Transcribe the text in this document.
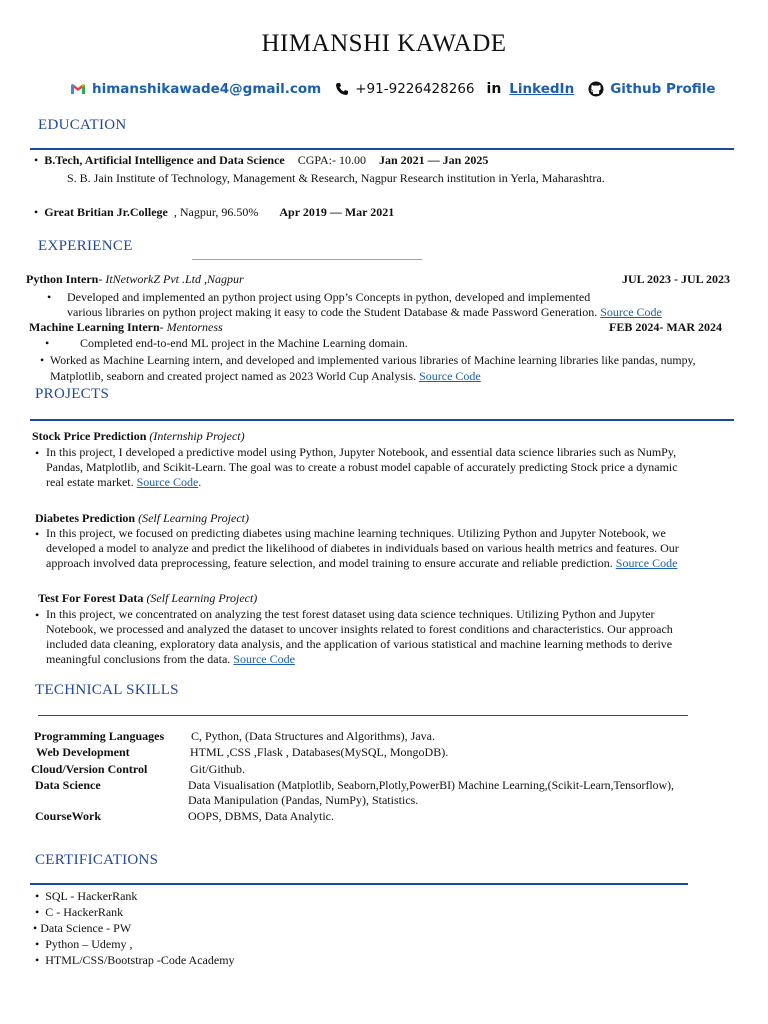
HIMANSHI KAWADE
himanshikawade4@gmail.com	+91-9226428266 in LinkedIn	Github Profile
EDUCATION
•  B.Tech, Artificial Intelligence and Data Science CGPA:- 10.00 Jan 2021 — Jan 2025
S. B. Jain Institute of Technology, Management & Research, Nagpur Research institution in Yerla, Maharashtra.
•  Great Britian Jr.College , Nagpur, 96.50% Apr 2019 — Mar 2021
EXPERIENCE
Python Intern- ItNetworkZ Pvt .Ltd ,Nagpur	JUL 2023 - JUL 2023
• Developed and implemented an python project using Opp’s Concepts in python, developed and implemented
various libraries on python project making it easy to code the Student Database & made Password Generation. Source Code
Machine Learning Intern- Mentorness	FEB 2024- MAR 2024
•	Completed end-to-end ML project in the Machine Learning domain.
• Worked as Machine Learning intern, and developed and implemented various libraries of Machine learning libraries like pandas, numpy,
Matplotlib, seaborn and created project named as 2023 World Cup Analysis. Source Code
PROJECTS
Stock Price Prediction (Internship Project)
• In this project, I developed a predictive model using Python, Jupyter Notebook, and essential data science libraries such as NumPy,
Pandas, Matplotlib, and Scikit-Learn. The goal was to create a robust model capable of accurately predicting Stock price a dynamic
real estate market. Source Code.
Diabetes Prediction (Self Learning Project)
• In this project, we focused on predicting diabetes using machine learning techniques. Utilizing Python and Jupyter Notebook, we
developed a model to analyze and predict the likelihood of diabetes in individuals based on various health metrics and features. Our
approach involved data preprocessing, feature selection, and model training to ensure accurate and reliable prediction. Source Code
Test For Forest Data (Self Learning Project)
• In this project, we concentrated on analyzing the test forest dataset using data science techniques. Utilizing Python and Jupyter
Notebook, we processed and analyzed the dataset to uncover insights related to forest conditions and characteristics. Our approach
included data cleaning, exploratory data analysis, and the application of various statistical and machine learning methods to derive
meaningful conclusions from the data. Source Code
TECHNICAL SKILLS
Programming Languages C, Python, (Data Structures and Algorithms), Java.
Web Development	HTML ,CSS ,Flask , Databases(MySQL, MongoDB).
Cloud/Version Control	Git/Github.
Data Science	Data Visualisation (Matplotlib, Seaborn,Plotly,PowerBI) Machine Learning,(Scikit-Learn,Tensorflow),
Data Manipulation (Pandas, NumPy), Statistics.
CourseWork	OOPS, DBMS, Data Analytic.
CERTIFICATIONS
•  SQL - HackerRank
•  C - HackerRank
• Data Science - PW
•  Python – Udemy ,
•  HTML/CSS/Bootstrap -Code Academy
